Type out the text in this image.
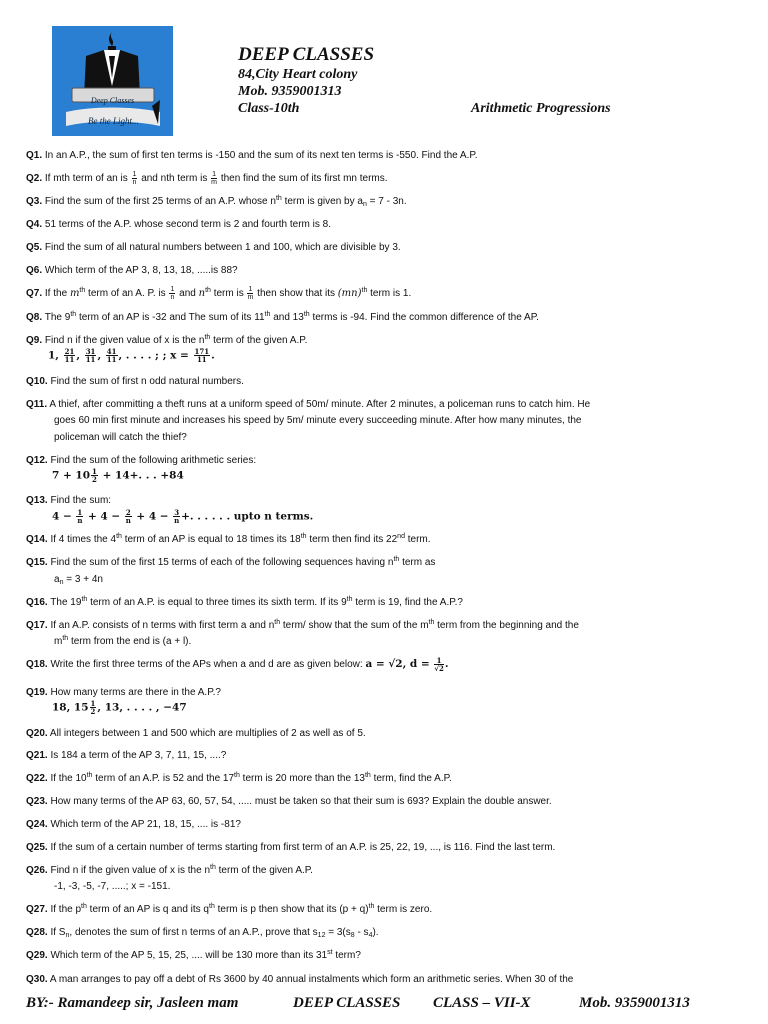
Deep Classes
Be the Light...
DEEP CLASSES
84,City Heart colony
Mob. 9359001313
Class-10th	Arithmetic Progressions
Q1. In an A.P., the sum of first ten terms is -150 and the sum of its next ten terms is -550. Find the A.P.
Q2. If mth term of an is $\frac{1}{n}$ and nth term is $\frac{1}{m}$ then find the sum of its first mn terms.
Q3. Find the sum of the first 25 terms of an A.P. whose $n^{th}$ term is given by $a_n = 7 - 3n$.
Q4. 51 terms of the A.P. whose second term is 2 and fourth term is 8.
Q5. Find the sum of all natural numbers between 1 and 100, which are divisible by 3.
Q6. Which term of the AP 3, 8, 13, 18, .....is 88?
Q7. If the $m^{th}$ term of an A. P. is $\frac{1}{n}$ and $n^{th}$ term is $\frac{1}{m}$ then show that its (mn)$^{th}$ term is 1.
Q8. The 9th term of an AP is -32 and The sum of its 11th and 13th terms is -94. Find the common difference of the AP.
Q9. Find n if the given value of x is the $n^{th}$ term of the given A.P.
1, $\frac{21}{11}$ , $\frac{31}{11}$ , $\frac{41}{11}$ , . . . . ; ; $x = \frac{171}{11}$ .
Q10. Find the sum of first n odd natural numbers.
Q11. A thief, after committing a theft runs at a uniform speed of 50m/ minute. After 2 minutes, a policeman runs to catch him. He
goes 60 min first minute and increases his speed by 5m/ minute every succeeding minute. After how many minutes, the
policeman will catch the thief?
Q12. Find the sum of the following arithmetic series:
$7 + 10 \frac{1}{2} + 14+$. . . +84
Q13. Find the sum:
$4 - \frac{1}{n} + 4 - \frac{2}{n} + 4 - \frac{3}{n}$ +. . . . . . upto n terms.
Q14. If 4 times the 4th term of an AP is equal to 18 times its 18th term then find its 22nd term.
Q15. Find the sum of the first 15 terms of each of the following sequences having $n^{th}$ term as
$a_n = 3 + 4n$
Q16. The 19th term of an A.P. is equal to three times its sixth term. If its 9th term is 19, find the A.P.?
Q17. If an A.P. consists of n terms with first term a and $n^{th}$ term/ show that the sum of the $m^{th}$ term from the beginning and the
$m^{th}$ term from the end is (a + l).
Q18. Write the first three terms of the APs when a and d are as given below: a = √2, $d = \frac{1}{√2}$ .
Q19. How many terms are there in the A.P.?
18, $15 \frac{1}{2}$ , 13, . . . . , −47
Q20. All integers between 1 and 500 which are multiplies of 2 as well as of 5.
Q21. Is 184 a term of the AP 3, 7, 11, 15, ....?
Q22. If the 10th term of an A.P. is 52 and the 17th term is 20 more than the 13th term, find the A.P.
Q23. How many terms of the AP 63, 60, 57, 54, ..... must be taken so that their sum is 693? Explain the double answer.
Q24. Which term of the AP 21, 18, 15, .... is -81?
Q25. If the sum of a certain number of terms starting from first term of an A.P. is 25, 22, 19, ..., is 116. Find the last term.
Q26. Find n if the given value of x is the $n^{th}$ term of the given A.P.
-1, -3, -5, -7, .....; x = -151.
Q27. If the $p^{th}$ term of an AP is q and its $q^{th}$ term is p then show that its $(p + q)^{th}$ term is zero.
Q28. If $S_n$, denotes the sum of first n terms of an A.P., prove that $s_{12} = 3(s_8 - s_4)$.
Q29. Which term of the AP 5, 15, 25, .... will be 130 more than its 31st term?
Q30. A man arranges to pay off a debt of Rs 3600 by 40 annual instalments which form an arithmetic series. When 30 of the
BY:- Ramandeep sir, Jasleen mam	DEEP CLASSES CLASS – VII-X	Mob. 9359001313
